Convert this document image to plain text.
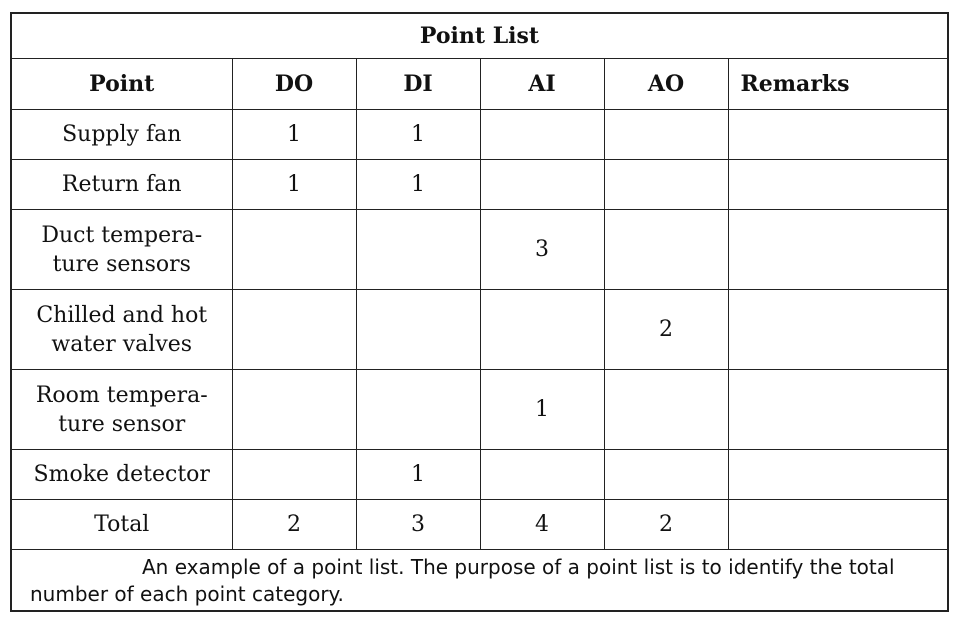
Point List					
Point	DO	DI	AI	AO	Remarks
Supply fan	1	1			
Return fan	1	1			
Duct tempera-
ture sensors			3		
Chilled and hot
water valves				2	
Room tempera-
ture sensor			1		
Smoke detector		1			
Total	2	3	4	2	
An example of a point list. The purpose of a point list is to identify the total number of each point category.
